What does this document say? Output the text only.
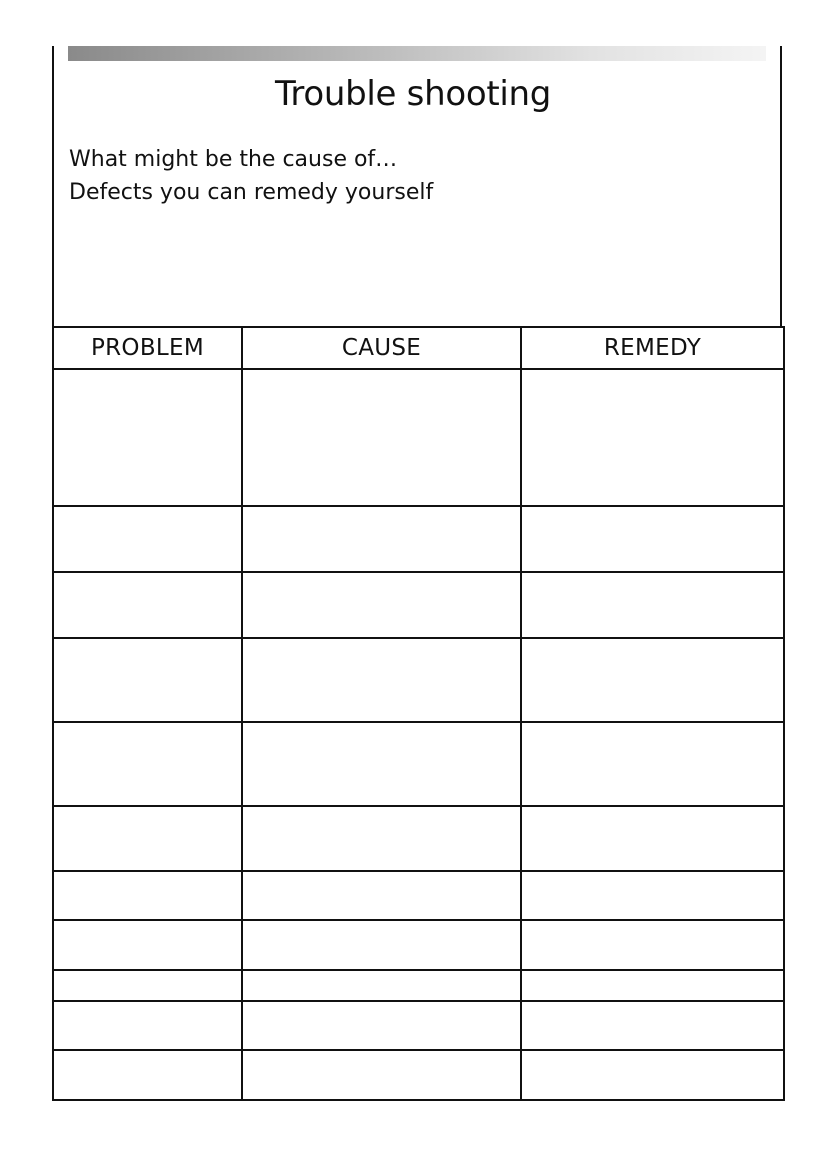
Trouble shooting
What might be the cause of…
Defects you can remedy yourself
PROBLEM	CAUSE	REMEDY
